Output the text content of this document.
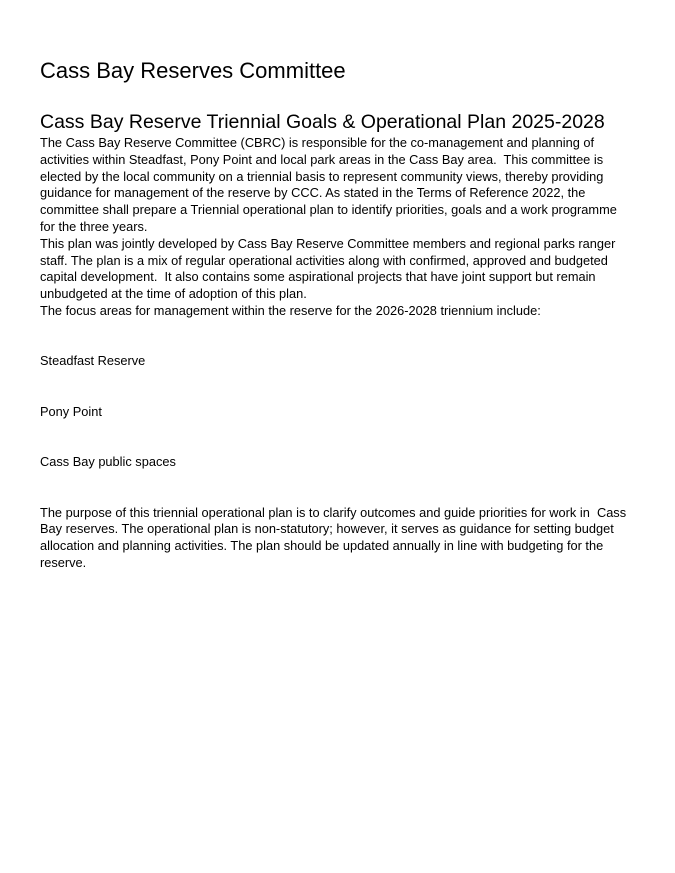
Cass Bay Reserves Committee
Cass Bay Reserve Triennial Goals & Operational Plan 2025-2028

The Cass Bay Reserve Committee (CBRC) is responsible for the co-management and planning of activities within Steadfast, Pony Point and local park areas in the Cass Bay area.  This committee is elected by the local community on a triennial basis to represent community views, thereby providing guidance for management of the reserve by CCC. As stated in the Terms of Reference 2022, the committee shall prepare a Triennial operational plan to identify priorities, goals and a work programme for the three years.

This plan was jointly developed by Cass Bay Reserve Committee members and regional parks ranger staff. The plan is a mix of regular operational activities along with confirmed, approved and budgeted capital development.  It also contains some aspirational projects that have joint support but remain unbudgeted at the time of adoption of this plan.

The focus areas for management within the reserve for the 2026-2028 triennium include:

Steadfast Reserve

Pony Point

Cass Bay public spaces

The purpose of this triennial operational plan is to clarify outcomes and guide priorities for work in  Cass Bay reserves. The operational plan is non-statutory; however, it serves as guidance for setting budget allocation and planning activities. The plan should be updated annually in line with budgeting for the reserve.
